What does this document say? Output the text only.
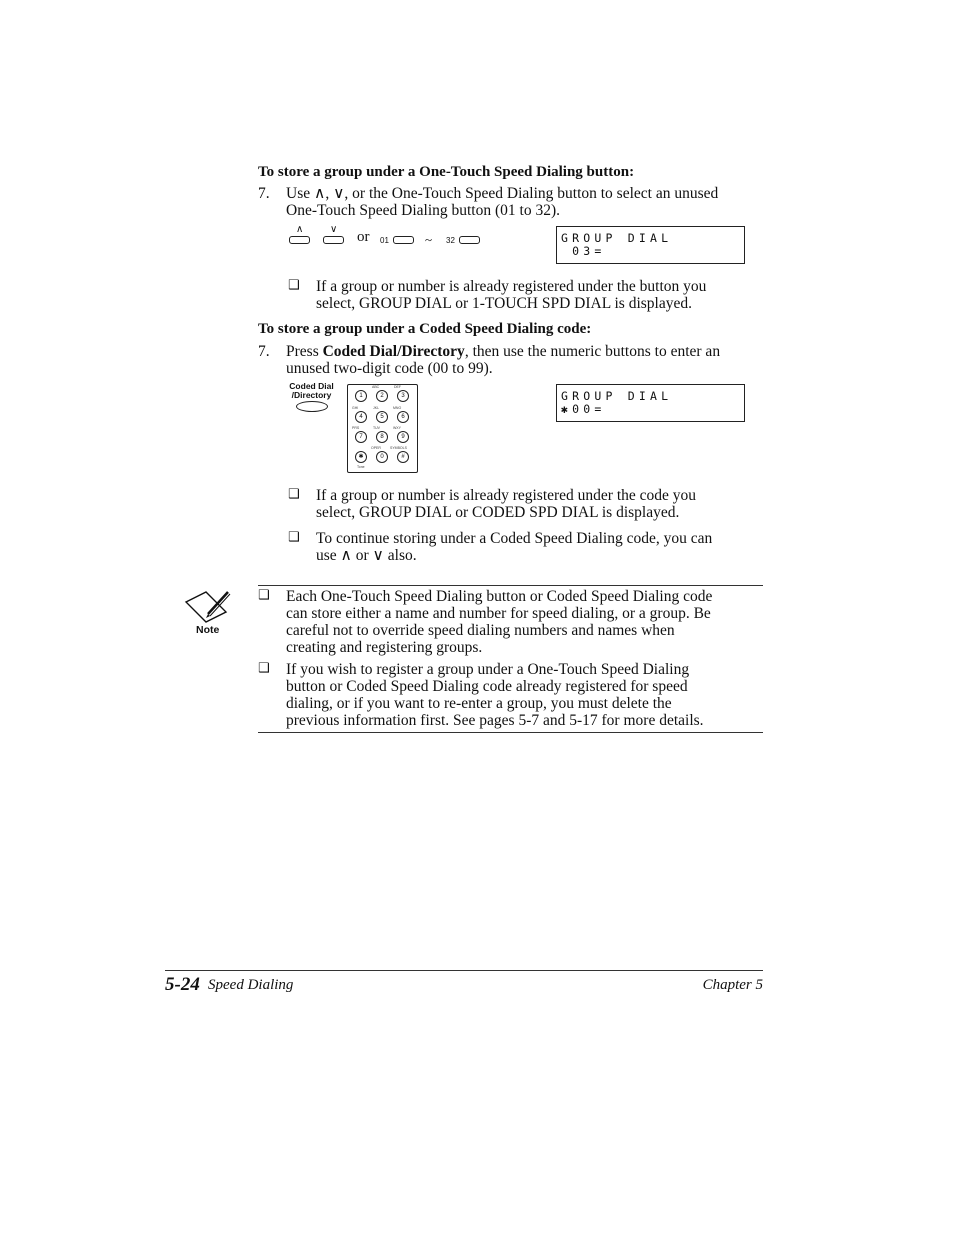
To store a group under a One-Touch Speed Dialing button:
7. Use ∧, ∨, or the One-Touch Speed Dialing button to select an unused
One-Touch Speed Dialing button (01 to 32).
∧	∨ or 01	~ 32	GROUP DIAL
03=
❑ If a group or number is already registered under the button you
select, GROUP DIAL or 1-TOUCH SPD DIAL is displayed.
To store a group under a Coded Speed Dialing code:
7. Press Coded Dial/Directory, then use the numeric buttons to enter an
unused two-digit code (00 to 99).
Coded Dial
/Directory
ABC	DEF
1	2	3
GHI	JKL	MNO
4	5	6
PRS	TUV	WXY
7	8	9
OPER	SYMBOLS
✱	0	#
Tone
GROUP DIAL
✱00=
❑ If a group or number is already registered under the code you
select, GROUP DIAL or CODED SPD DIAL is displayed.
❑ To continue storing under a Coded Speed Dialing code, you can
use ∧ or ∨ also.
Note
❑ Each One-Touch Speed Dialing button or Coded Speed Dialing code
can store either a name and number for speed dialing, or a group. Be
careful not to override speed dialing numbers and names when
creating and registering groups.
❑ If you wish to register a group under a One-Touch Speed Dialing
button or Coded Speed Dialing code already registered for speed
dialing, or if you want to re-enter a group, you must delete the
previous information first. See pages 5-7 and 5-17 for more details.
5-24 Speed Dialing	Chapter 5
